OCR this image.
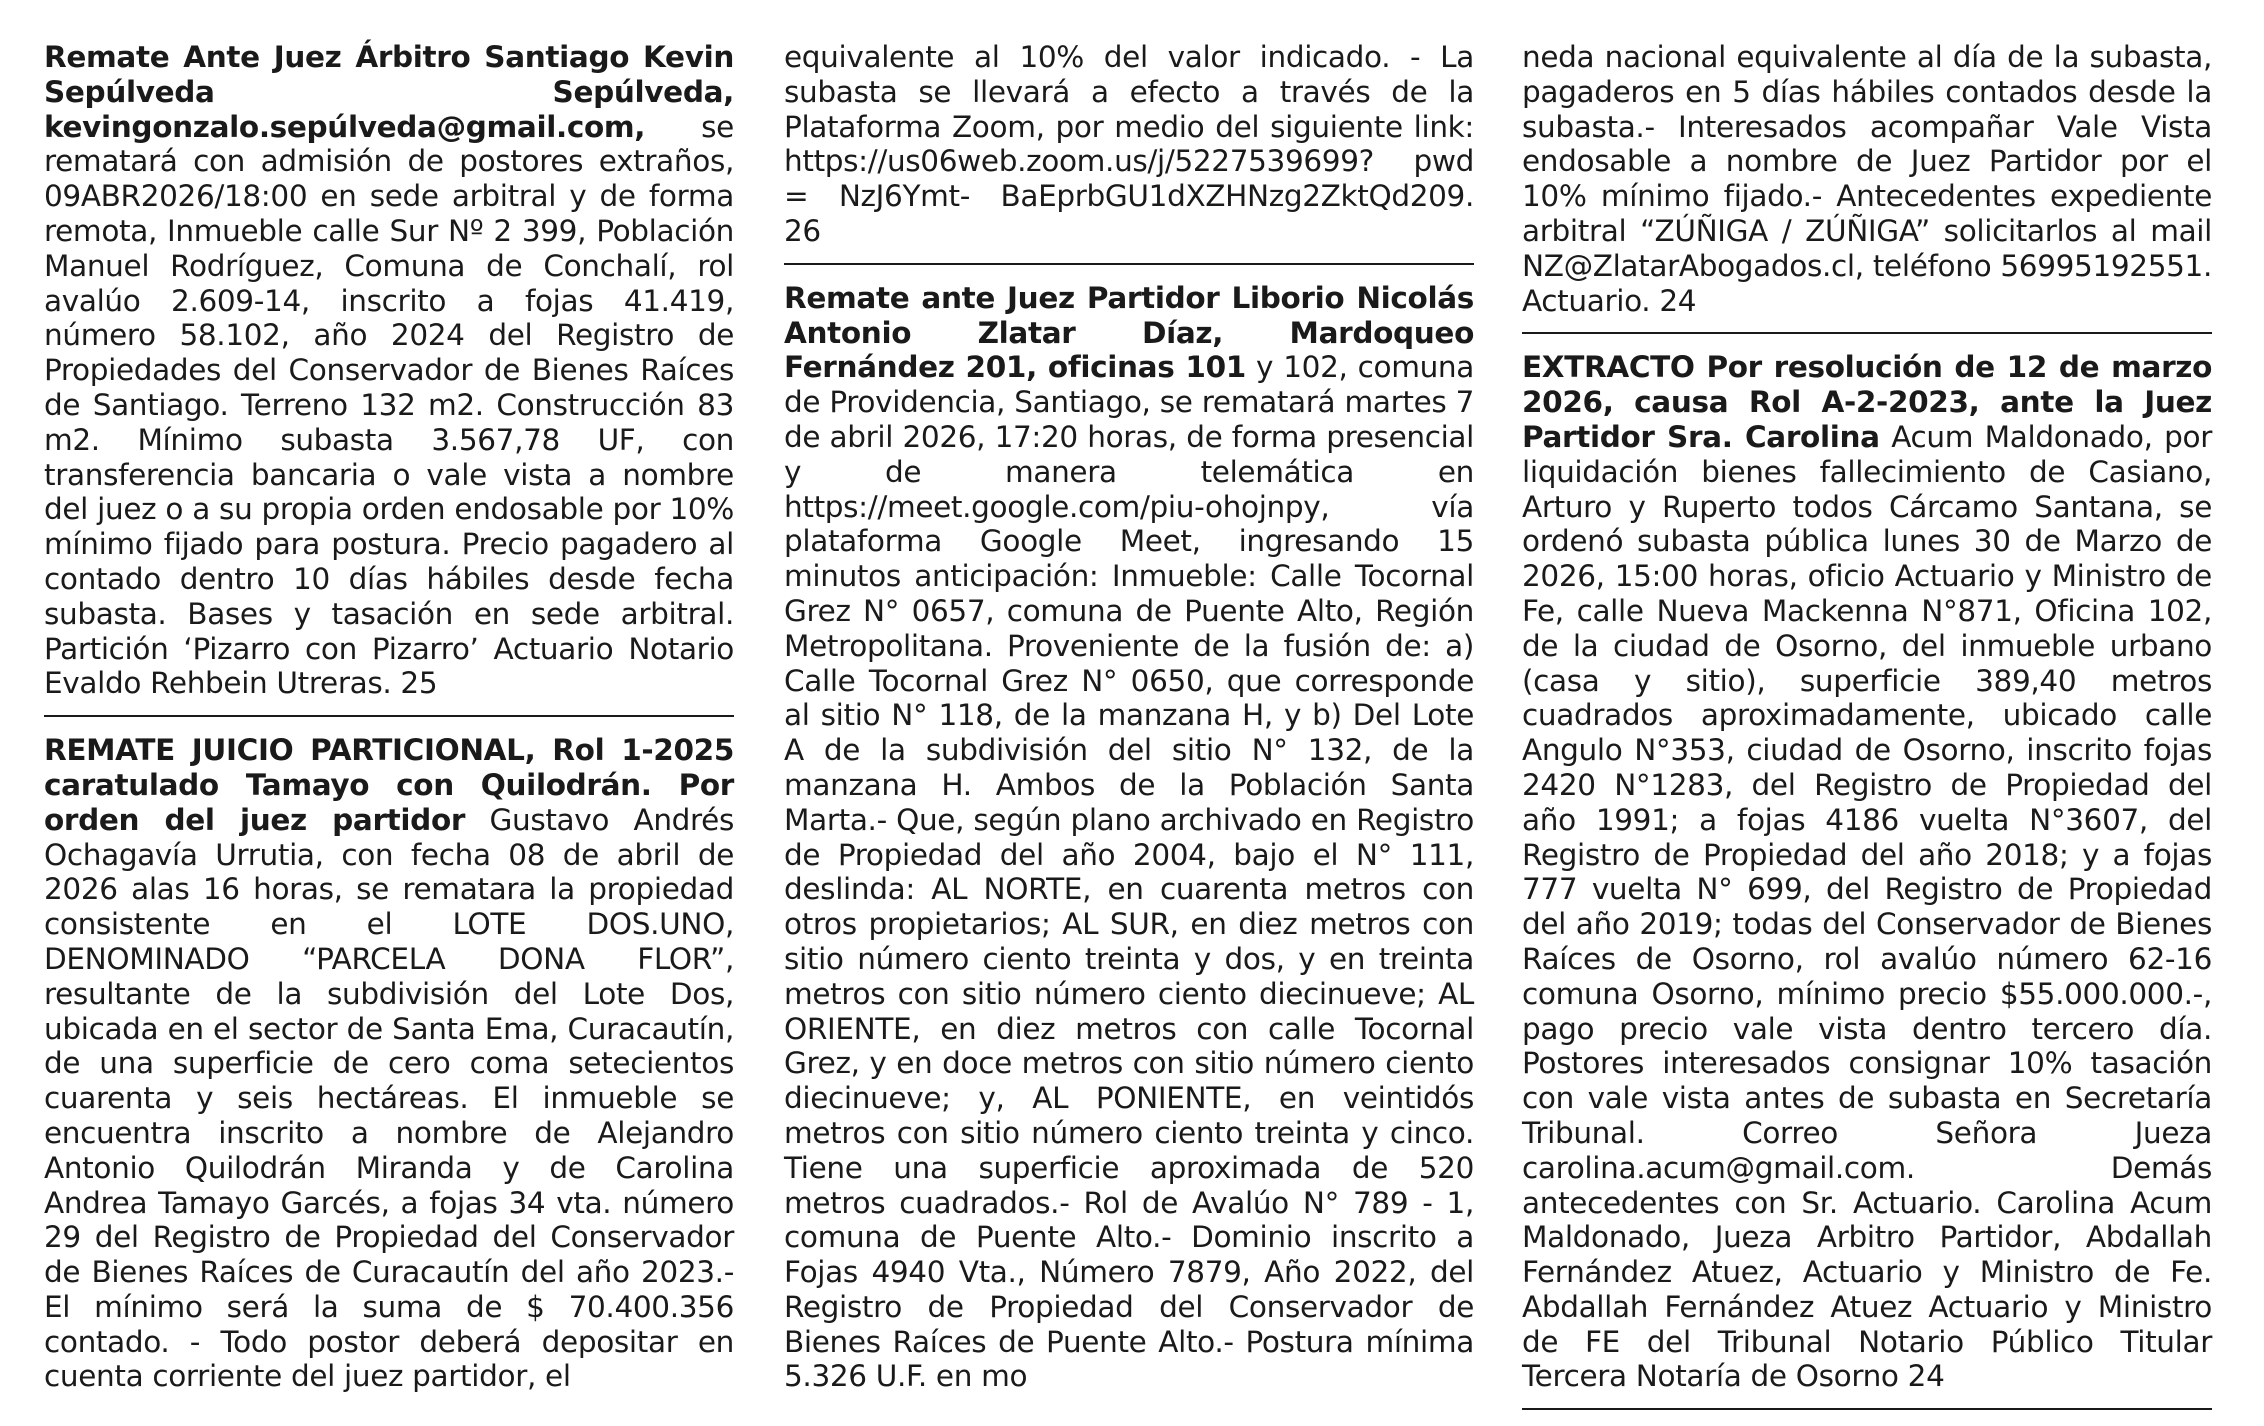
Remate Ante Juez Árbitro Santiago Kevin Sepúlveda Sepúlveda, kevingonzalo.sepúlveda@gmail.com, se rematará con admisión de postores extraños, 09ABR2026/18:00 en sede arbitral y de forma remota, Inmueble calle Sur Nº 2 399, Población Manuel Rodríguez, Comuna de Conchalí, rol avalúo 2.609-14, inscrito a fojas 41.419, número 58.102, año 2024 del Registro de Propiedades del Conservador de Bienes Raíces de Santiago. Terreno 132 m2. Construcción 83 m2. Mínimo subasta 3.567,78 UF, con transferencia bancaria o vale vista a nombre del juez o a su propia orden endosable por 10% mínimo fijado para postura. Precio pagadero al contado dentro 10 días hábiles desde fecha subasta. Bases y tasación en sede arbitral. Partición ‘Pizarro con Pizarro’ Actuario Notario Evaldo Rehbein Utreras. 25

REMATE JUICIO PARTICIONAL, Rol 1-2025 caratulado Tamayo con Quilodrán. Por orden del juez partidor Gustavo Andrés Ochagavía Urrutia, con fecha 08 de abril de 2026 alas 16 horas, se rematara la propiedad consistente en el LOTE DOS.UNO, DENOMINADO “PARCELA DONA FLOR”, resultante de la subdivisión del Lote Dos, ubicada en el sector de Santa Ema, Curacautín, de una superficie de cero coma setecientos cuarenta y seis hectáreas. El inmueble se encuentra inscrito a nombre de Alejandro Antonio Quilodrán Miranda y de Carolina Andrea Tamayo Garcés, a fojas 34 vta. número 29 del Registro de Propiedad del Conservador de Bienes Raíces de Curacautín del año 2023.- El mínimo será la suma de $ 70.400.356 contado. - Todo postor deberá depositar en cuenta corriente del juez partidor, el

equivalente al 10% del valor indicado. - La subasta se llevará a efecto a través de la Plataforma Zoom, por medio del siguiente link: https://us06web.zoom.us/j/5227539699? pwd = NzJ6Ymt- BaEprbGU1dXZHNzg2ZktQd209. 26

Remate ante Juez Partidor Liborio Nicolás Antonio Zlatar Díaz, Mardoqueo Fernández 201, oficinas 101 y 102, comuna de Providencia, Santiago, se rematará martes 7 de abril 2026, 17:20 horas, de forma presencial y de manera telemática en https://meet.google.com/piu-ohojnpy, vía plataforma Google Meet, ingresando 15 minutos anticipación: Inmueble: Calle Tocornal Grez N° 0657, comuna de Puente Alto, Región Metropolitana. Proveniente de la fusión de: a) Calle Tocornal Grez N° 0650, que corresponde al sitio N° 118, de la manzana H, y b) Del Lote A de la subdivisión del sitio N° 132, de la manzana H. Ambos de la Población Santa Marta.- Que, según plano archivado en Registro de Propiedad del año 2004, bajo el N° 111, deslinda: AL NORTE, en cuarenta metros con otros propietarios; AL SUR, en diez metros con sitio número ciento treinta y dos, y en treinta metros con sitio número ciento diecinueve; AL ORIENTE, en diez metros con calle Tocornal Grez, y en doce metros con sitio número ciento diecinueve; y, AL PONIENTE, en veintidós metros con sitio número ciento treinta y cinco. Tiene una superficie aproximada de 520 metros cuadrados.- Rol de Avalúo N° 789 - 1, comuna de Puente Alto.- Dominio inscrito a Fojas 4940 Vta., Número 7879, Año 2022, del Registro de Propiedad del Conservador de Bienes Raíces de Puente Alto.- Postura mínima 5.326 U.F. en mo

neda nacional equivalente al día de la subasta, pagaderos en 5 días hábiles contados desde la subasta.- Interesados acompañar Vale Vista endosable a nombre de Juez Partidor por el 10% mínimo fijado.- Antecedentes expediente arbitral “ZÚÑIGA / ZÚÑIGA” solicitarlos al mail NZ@ZlatarAbogados.cl, teléfono 56995192551. Actuario. 24

EXTRACTO Por resolución de 12 de marzo 2026, causa Rol A-2-2023, ante la Juez Partidor Sra. Carolina Acum Maldonado, por liquidación bienes fallecimiento de Casiano, Arturo y Ruperto todos Cárcamo Santana, se ordenó subasta pública lunes 30 de Marzo de 2026, 15:00 horas, oficio Actuario y Ministro de Fe, calle Nueva Mackenna N°871, Oficina 102, de la ciudad de Osorno, del inmueble urbano (casa y sitio), superficie 389,40 metros cuadrados aproximadamente, ubicado calle Angulo N°353, ciudad de Osorno, inscrito fojas 2420 N°1283, del Registro de Propiedad del año 1991; a fojas 4186 vuelta N°3607, del Registro de Propiedad del año 2018; y a fojas 777 vuelta N° 699, del Registro de Propiedad del año 2019; todas del Conservador de Bienes Raíces de Osorno, rol avalúo número 62-16 comuna Osorno, mínimo precio $55.000.000.-, pago precio vale vista dentro tercero día. Postores interesados consignar 10% tasación con vale vista antes de subasta en Secretaría Tribunal. Correo Señora Jueza carolina.acum@gmail.com. Demás antecedentes con Sr. Actuario. Carolina Acum Maldonado, Jueza Arbitro Partidor, Abdallah Fernández Atuez, Actuario y Ministro de Fe. Abdallah Fernández Atuez Actuario y Ministro de FE del Tribunal Notario Público Titular Tercera Notaría de Osorno 24
